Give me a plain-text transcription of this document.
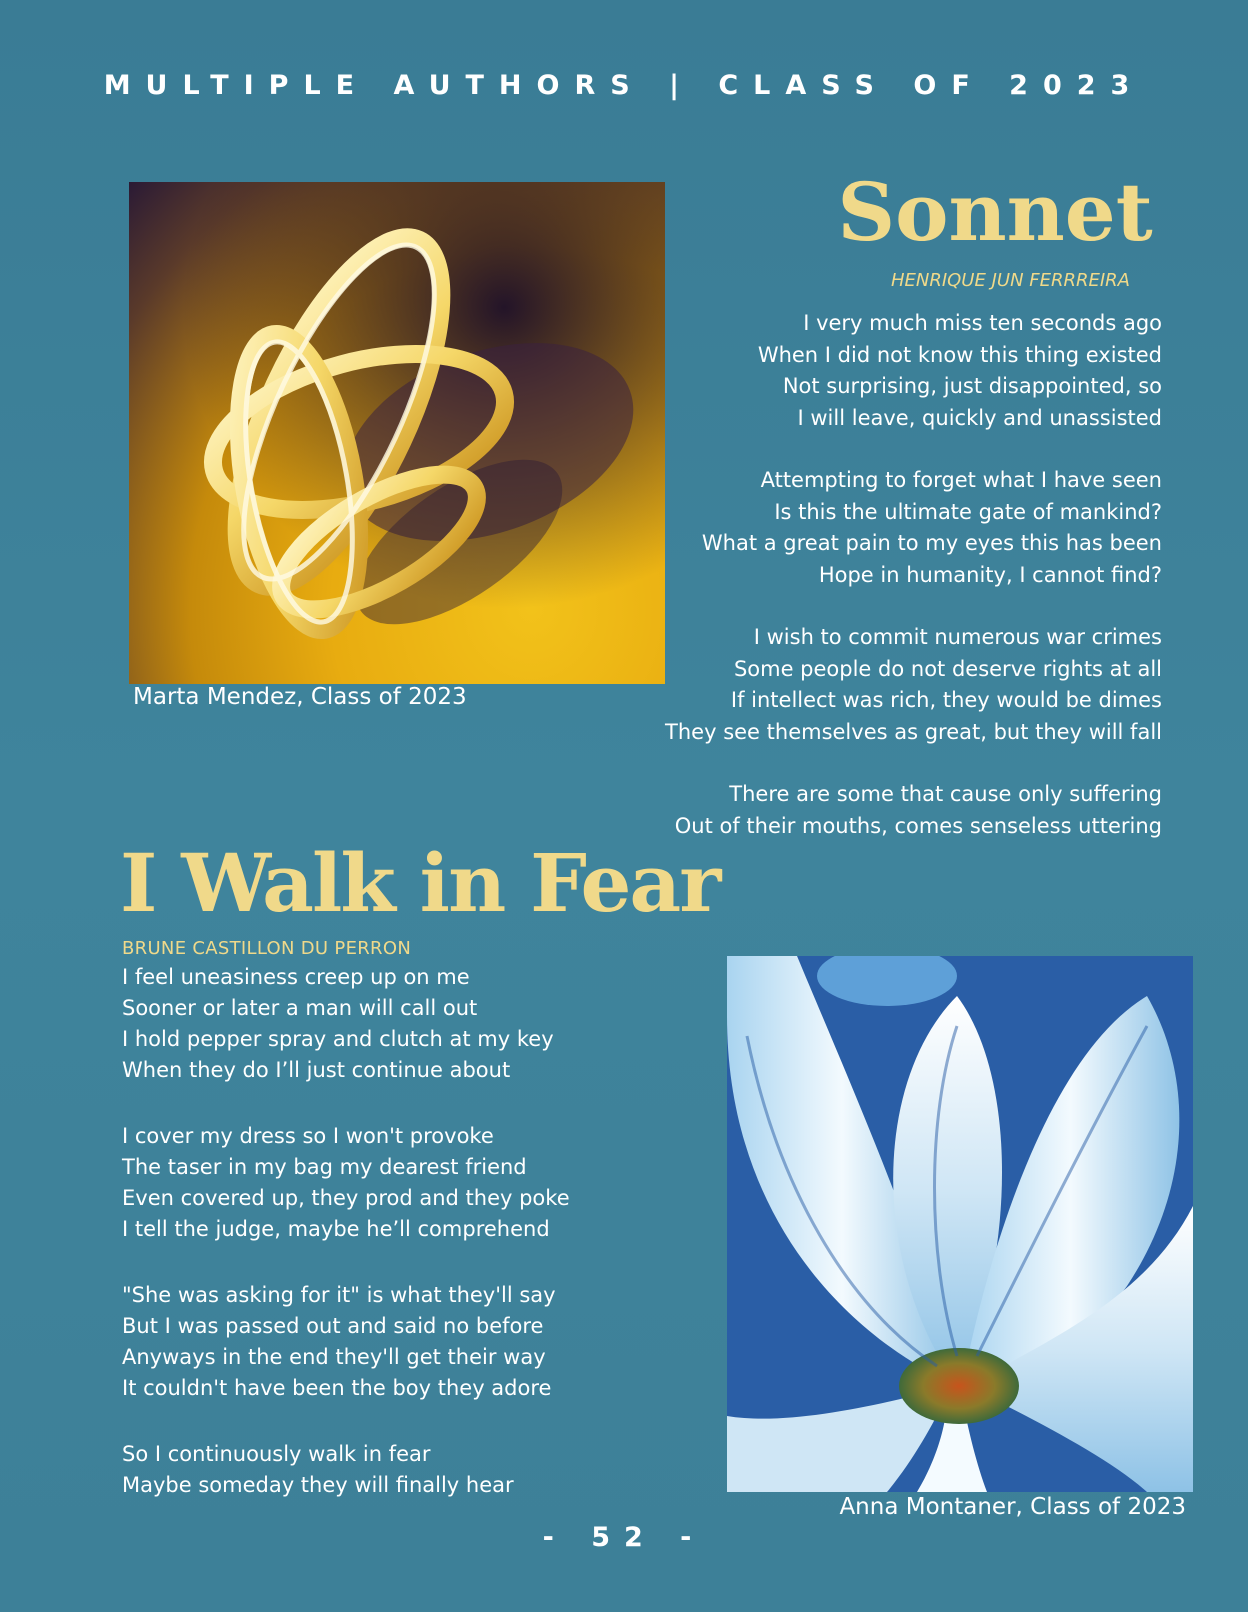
MULTIPLE AUTHORS | CLASS OF 2023
Marta Mendez, Class of 2023
Sonnet
HENRIQUE JUN FERRREIRA
I very much miss ten seconds ago
When I did not know this thing existed
Not surprising, just disappointed, so
I will leave, quickly and unassisted
Attempting to forget what I have seen
Is this the ultimate gate of mankind?
What a great pain to my eyes this has been
Hope in humanity, I cannot find?
I wish to commit numerous war crimes
Some people do not deserve rights at all
If intellect was rich, they would be dimes
They see themselves as great, but they will fall
There are some that cause only suffering
Out of their mouths, comes senseless uttering
I Walk in Fear
BRUNE CASTILLON DU PERRON
I feel uneasiness creep up on me
Sooner or later a man will call out
I hold pepper spray and clutch at my key
When they do I’ll just continue about
I cover my dress so I won't provoke
The taser in my bag my dearest friend
Even covered up, they prod and they poke
I tell the judge, maybe he’ll comprehend
"She was asking for it" is what they'll say
But I was passed out and said no before
Anyways in the end they'll get their way
It couldn't have been the boy they adore
So I continuously walk in fear
Maybe someday they will finally hear
Anna Montaner, Class of 2023
- 52 -
